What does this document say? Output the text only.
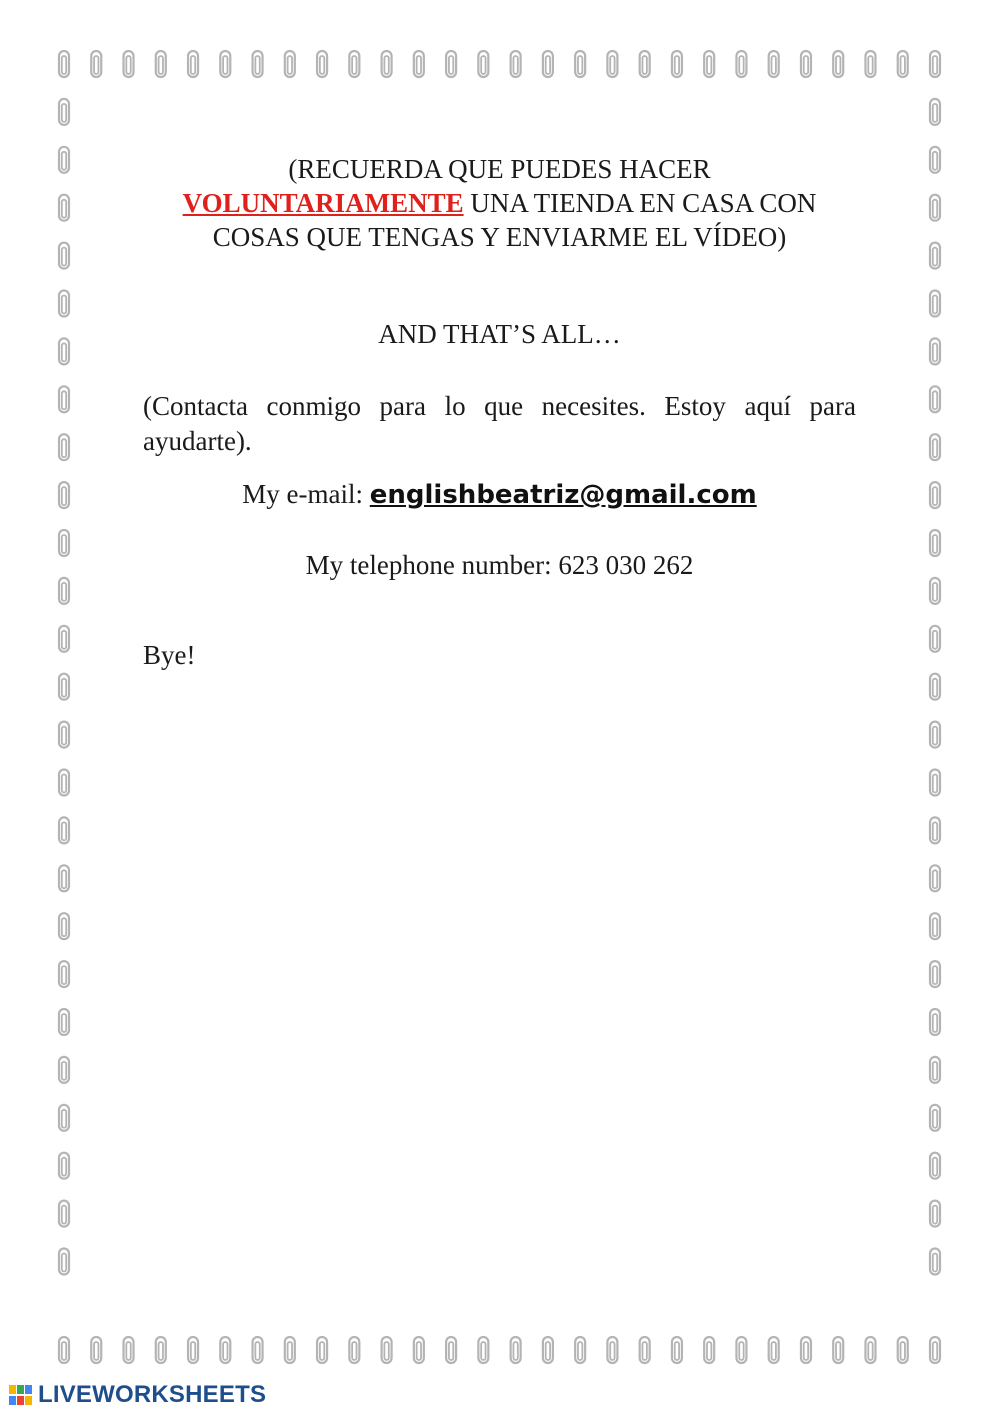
(RECUERDA QUE PUEDES HACER
VOLUNTARIAMENTE UNA TIENDA EN CASA CON
COSAS QUE TENGAS Y ENVIARME EL VÍDEO)
AND THAT’S ALL…
(Contacta conmigo para lo que necesites. Estoy aquí para ayudarte).
My e-mail: englishbeatriz@gmail.com
My telephone number: 623 030 262
Bye!
LIVEWORKSHEETS
